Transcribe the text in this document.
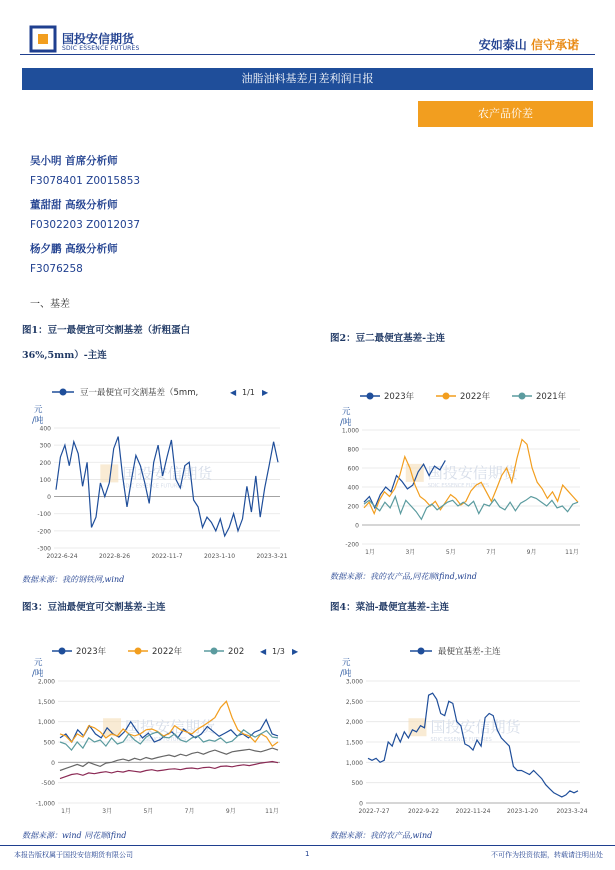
国投安信期货
SDIC ESSENCE FUTURES	安如泰山 信守承诺
油脂油料基差月差利润日报
农产品价差
吴小明 首席分析师
F3078401 Z0015853
董甜甜 高级分析师
F0302203 Z0012037
杨夕鹏 高级分析师
F3076258
一、基差
图1：豆一最便宜可交割基差（折粗蛋白
36%,5mm）-主连
图2：豆二最便宜基差-主连
图3：豆油最便宜可交割基差-主连	图4：菜油-最便宜基差-主连
豆一最便宜可交割基差（5mm,	◀ 1/1 ▶
元
/吨
400
300
200
100
0
-100
-200
-300
2022-6-24	2022-8-26	2022-11-7	2023-1-10	2023-3-21
国投安信期货
SDIC ESSENCE FUTURES
2023年	2022年	2021年
元
/吨
1,000
800
600
400
200
0
-200
1月	3月	5月	7月	9月	11月
国投安信期货
SDIC ESSENCE FUTURES
2023年	2022年	202 ◀ 1/3 ▶
元
/吨
2,000
1,500
1,000
500
0
-500
-1,000
1月	3月	5月	7月	9月	11月
国投安信期货
SDIC ESSENCE FUTURES
最便宜基差-主连
元
/吨
3,000
2,500
2,000
1,500
1,000
500
0
2022-7-27	2022-9-22	2022-11-24	2023-1-20	2023-3-24
国投安信期货
SDIC ESSENCE FUTURES
数据来源：我的钢铁网,wind	数据来源：我的农产品,同花顺ifind,wind
数据来源：wind 同花顺ifind	数据来源：我的农产品,wind
本报告版权属于国投安信期货有限公司	1	不可作为投资依据，转载请注明出处
